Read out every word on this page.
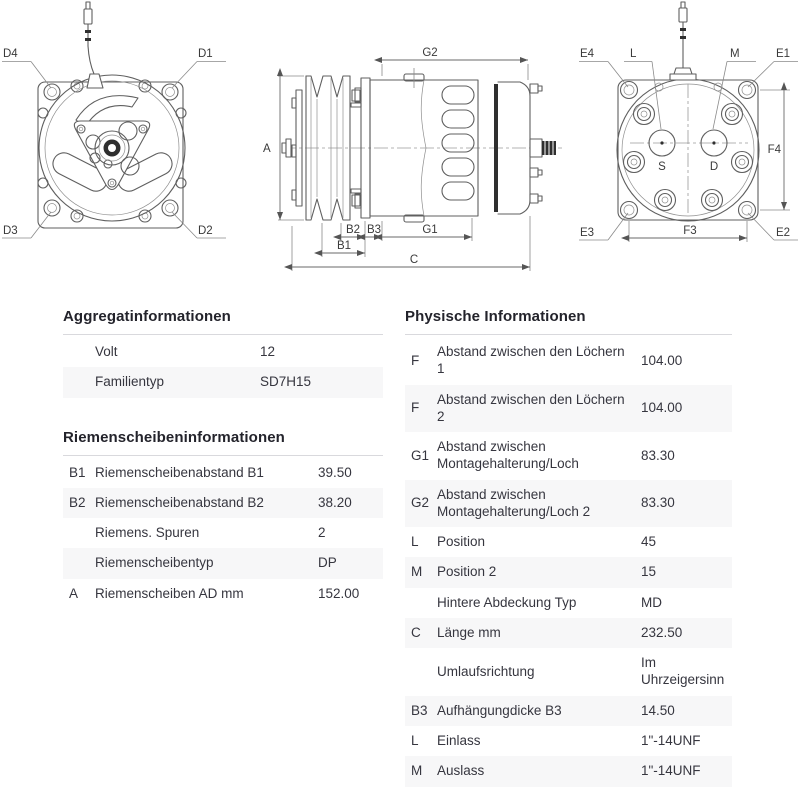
D4	D1
D3	D2
A
G2
B2 B3	G1
B1
C
S	D
E4	L	M	E1
E3	E2
F4
F3
Aggregatinformationen
	Volt	12
	Familientyp	SD7H15
Riemenscheibeninformationen
B1	Riemenscheibenabstand B1	39.50
B2	Riemenscheibenabstand B2	38.20
	Riemens. Spuren	2
	Riemenscheibentyp	DP
A	Riemenscheiben AD mm	152.00
Physische Informationen
F	Abstand zwischen den Löchern 1	104.00
F	Abstand zwischen den Löchern 2	104.00
G1	Abstand zwischen Montagehalterung/Loch	83.30
G2	Abstand zwischen Montagehalterung/Loch 2	83.30
L	Position	45
M	Position 2	15
	Hintere Abdeckung Typ	MD
C	Länge mm	232.50
	Umlaufsrichtung	Im Uhrzeigersinn
B3	Aufhängungdicke B3	14.50
L	Einlass	1"-14UNF
M	Auslass	1"-14UNF
